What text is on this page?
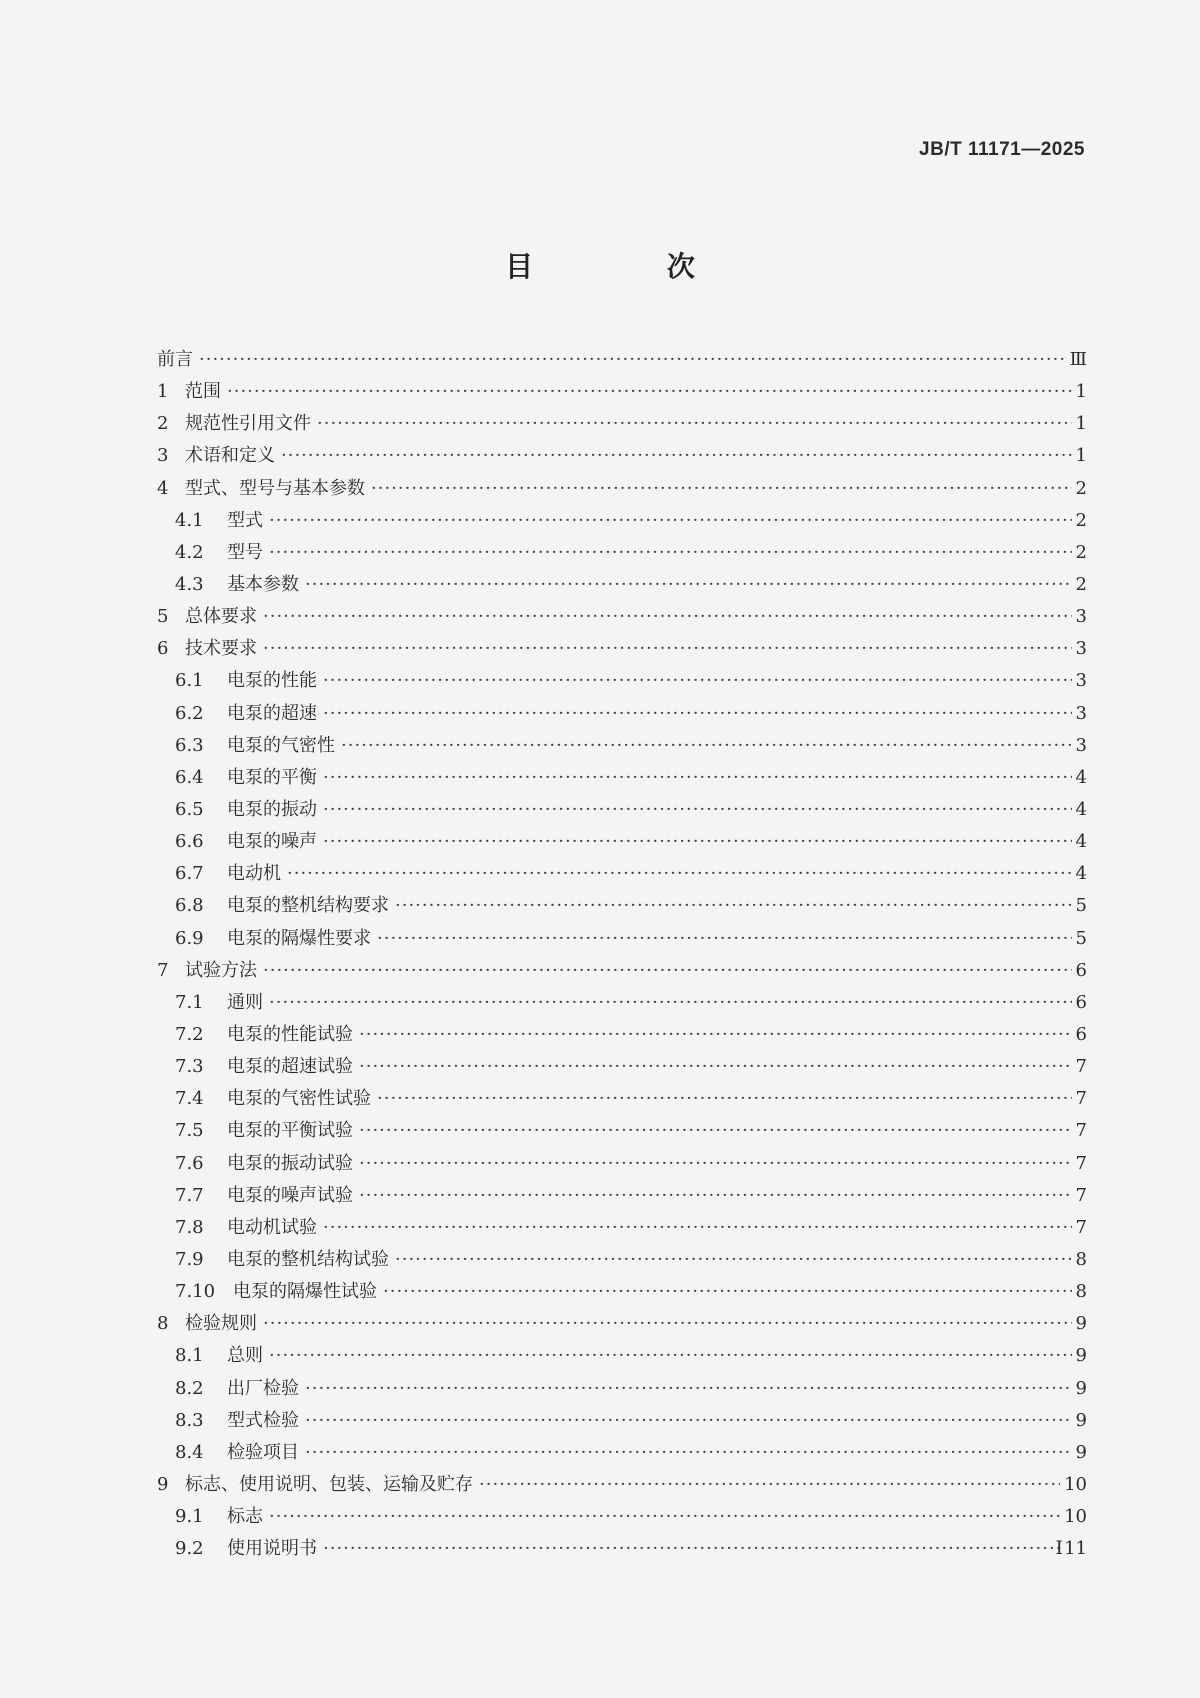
JB/T 11171—2025
目 次
前言 ·····	Ⅲ
1 范围 ·····	1
2 规范性引用文件 ·····	1
3 术语和定义 ·····	1
4 型式、型号与基本参数 ·····	2
4.1	型式 ·····	2
4.2	型号 ·····	2
4.3	基本参数 ·····	2
5 总体要求 ·····	3
6 技术要求 ·····	3
6.1	电泵的性能 ·····	3
6.2	电泵的超速 ·····	3
6.3	电泵的气密性 ·····	3
6.4	电泵的平衡 ·····	4
6.5	电泵的振动 ·····	4
6.6	电泵的噪声 ·····	4
6.7	电动机 ·····	4
6.8	电泵的整机结构要求 ·····	5
6.9	电泵的隔爆性要求 ·····	5
7 试验方法 ·····	6
7.1	通则 ·····	6
7.2	电泵的性能试验 ·····	6
7.3	电泵的超速试验 ·····	7
7.4	电泵的气密性试验 ·····	7
7.5	电泵的平衡试验 ·····	7
7.6	电泵的振动试验 ·····	7
7.7	电泵的噪声试验 ·····	7
7.8	电动机试验 ·····	7
7.9	电泵的整机结构试验 ·····	8
7.10 电泵的隔爆性试验 ·····	8
8 检验规则 ·····	9
8.1	总则 ·····	9
8.2	出厂检验 ·····	9
8.3	型式检验 ·····	9
8.4	检验项目 ·····	9
9 标志、使用说明、包装、运输及贮存 ·····	10
9.1	标志 ·····	10
9.2	使用说明书 ·····	11
I
